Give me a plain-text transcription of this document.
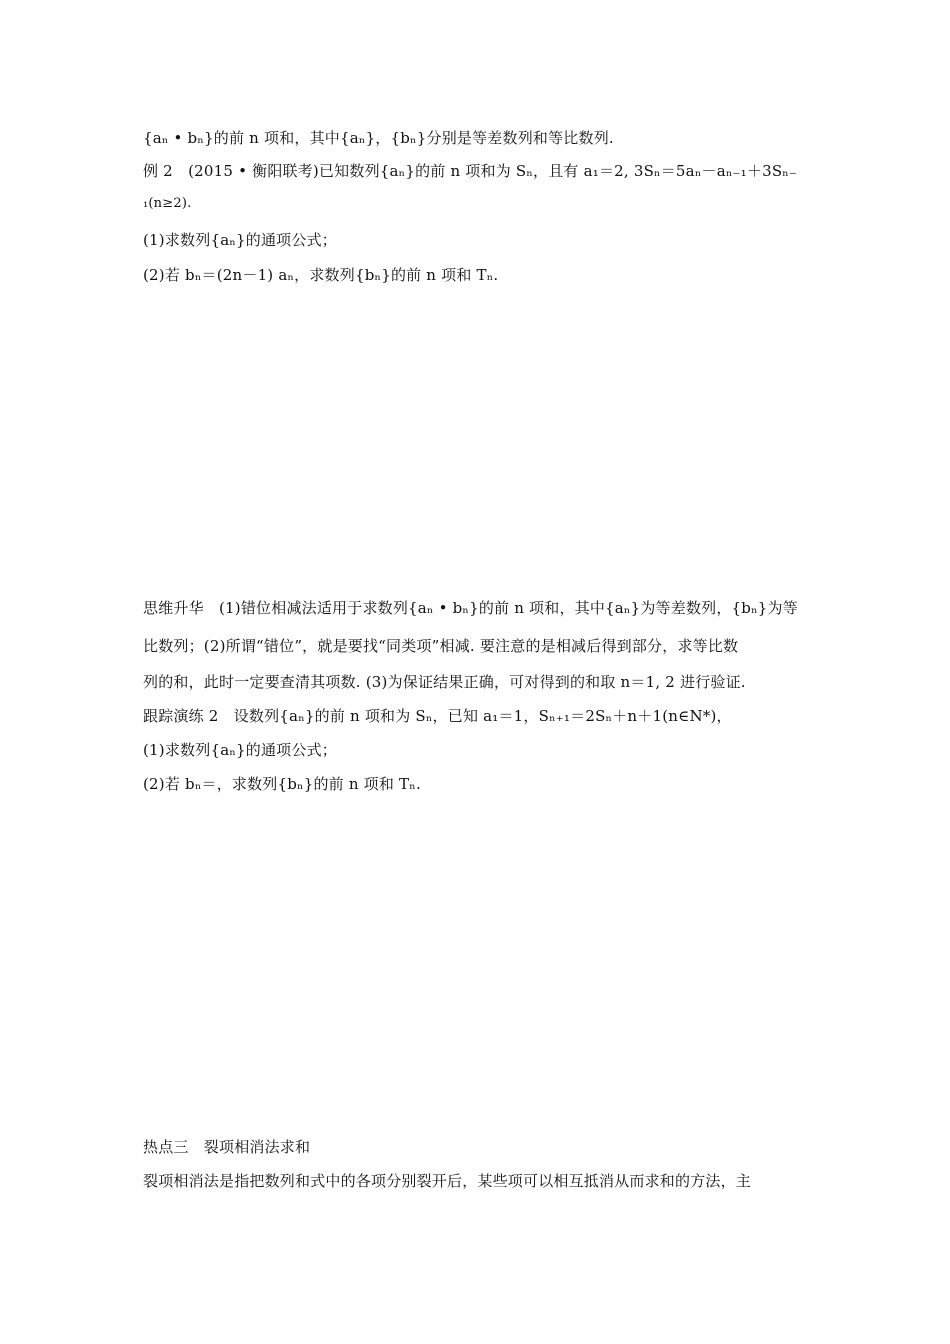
{aₙ • bₙ}的前 n 项和，其中{aₙ}，{bₙ}分别是等差数列和等比数列.
例 2　(2015 • 衡阳联考)已知数列{aₙ}的前 n 项和为 Sₙ，且有 a₁＝2, 3Sₙ＝5aₙ－aₙ₋₁＋3Sₙ₋
₁(n≥2).
(1)求数列{aₙ}的通项公式；
(2)若 bₙ＝(2n－1) aₙ，求数列{bₙ}的前 n 项和 Tₙ.
思维升华　(1)错位相减法适用于求数列{aₙ • bₙ}的前 n 项和，其中{aₙ}为等差数列，{bₙ}为等
比数列；(2)所谓“错位”，就是要找“同类项”相减. 要注意的是相减后得到部分，求等比数
列的和，此时一定要查清其项数. (3)为保证结果正确，可对得到的和取 n＝1, 2 进行验证.
跟踪演练 2　设数列{aₙ}的前 n 项和为 Sₙ，已知 a₁＝1，Sₙ₊₁＝2Sₙ＋n＋1(n∈N*)，
(1)求数列{aₙ}的通项公式；
(2)若 bₙ＝，求数列{bₙ}的前 n 项和 Tₙ.
热点三　裂项相消法求和
裂项相消法是指把数列和式中的各项分别裂开后，某些项可以相互抵消从而求和的方法，主
